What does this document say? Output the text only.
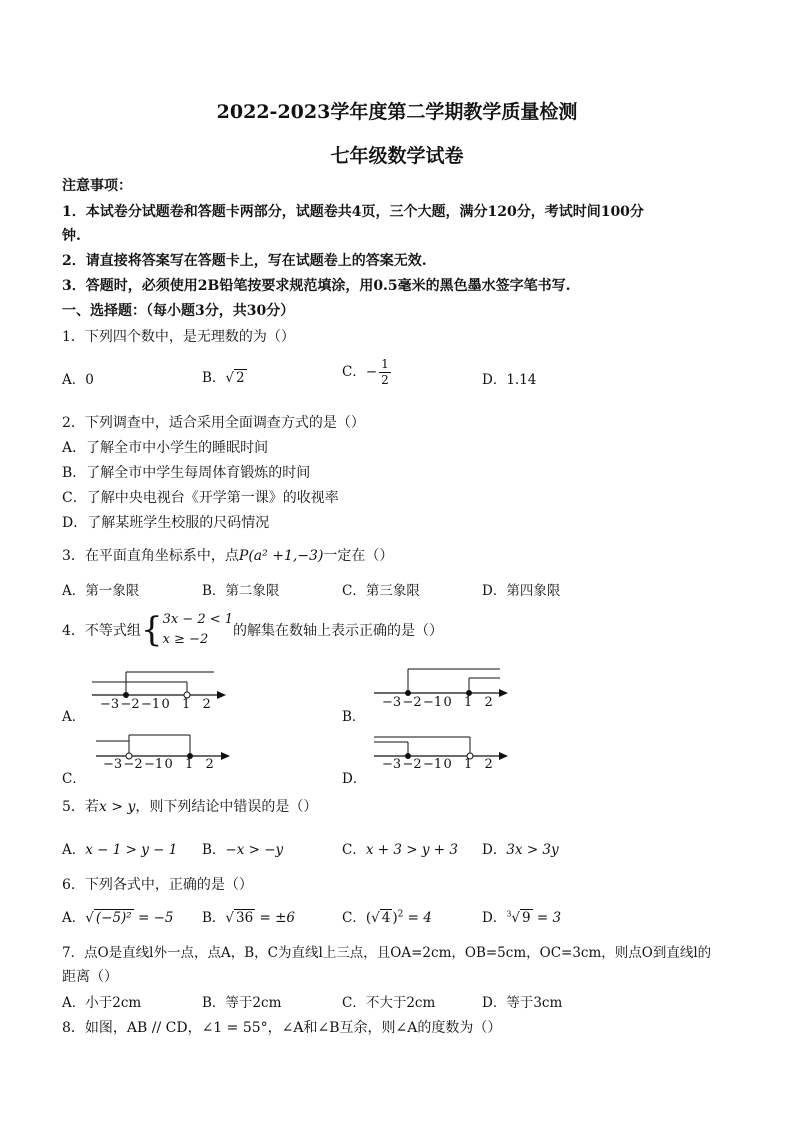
2022-2023学年度第二学期教学质量检测
七年级数学试卷
注意事项：
1．本试卷分试题卷和答题卡两部分，试题卷共4页，三个大题，满分120分，考试时间100分
钟.
2．请直接将答案写在答题卡上，写在试题卷上的答案无效.
3．答题时，必须使用2B铅笔按要求规范填涂，用0.5毫米的黑色墨水签字笔书写.
一、选择题：（每小题3分，共30分）
1．下列四个数中，是无理数的为（）
A．0	B．√ 2	C．− $\frac{1}{2}$	D．1.14
2．下列调查中，适合采用全面调查方式的是（）
A．了解全市中小学生的睡眠时间
B．了解全市中学生每周体育锻炼的时间
C．了解中央电视台《开学第一课》的收视率
D．了解某班学生校服的尺码情况
3．在平面直角坐标系中，点P(a² +1,−3)一定在（）
A．第一象限	B．第二象限	C．第三象限	D．第四象限
4．不等式组 { 3x − 2 < 1
x ≥ −2
的解集在数轴上表示正确的是（）
A．	B．
C．	D．
−3 −2 −1 0 1 2	−3 −2 −1 0 1 2
−3 −2 −1 0 1 2	−3 −2 −1 0 1 2
5．若x > y，则下列结论中错误的是（）
A．x − 1 > y − 1 B．−x > −y	C．x + 3 > y + 3 D．3x > 3y
6．下列各式中，正确的是（）
A．√ (−5)² = −5 B．√ 36 = ±6	C．(√ 4 )$^2$ = 4	D．$^3$√ 9 = 3
7．点O是直线l外一点，点A，B，C为直线l上三点，且OA=2cm，OB=5cm，OC=3cm，则点O到直线l的
距离（）
A．小于2cm	B．等于2cm	C．不大于2cm	D．等于3cm
8．如图，AB // CD，∠1 = 55°，∠A和∠B互余，则∠A的度数为（）
